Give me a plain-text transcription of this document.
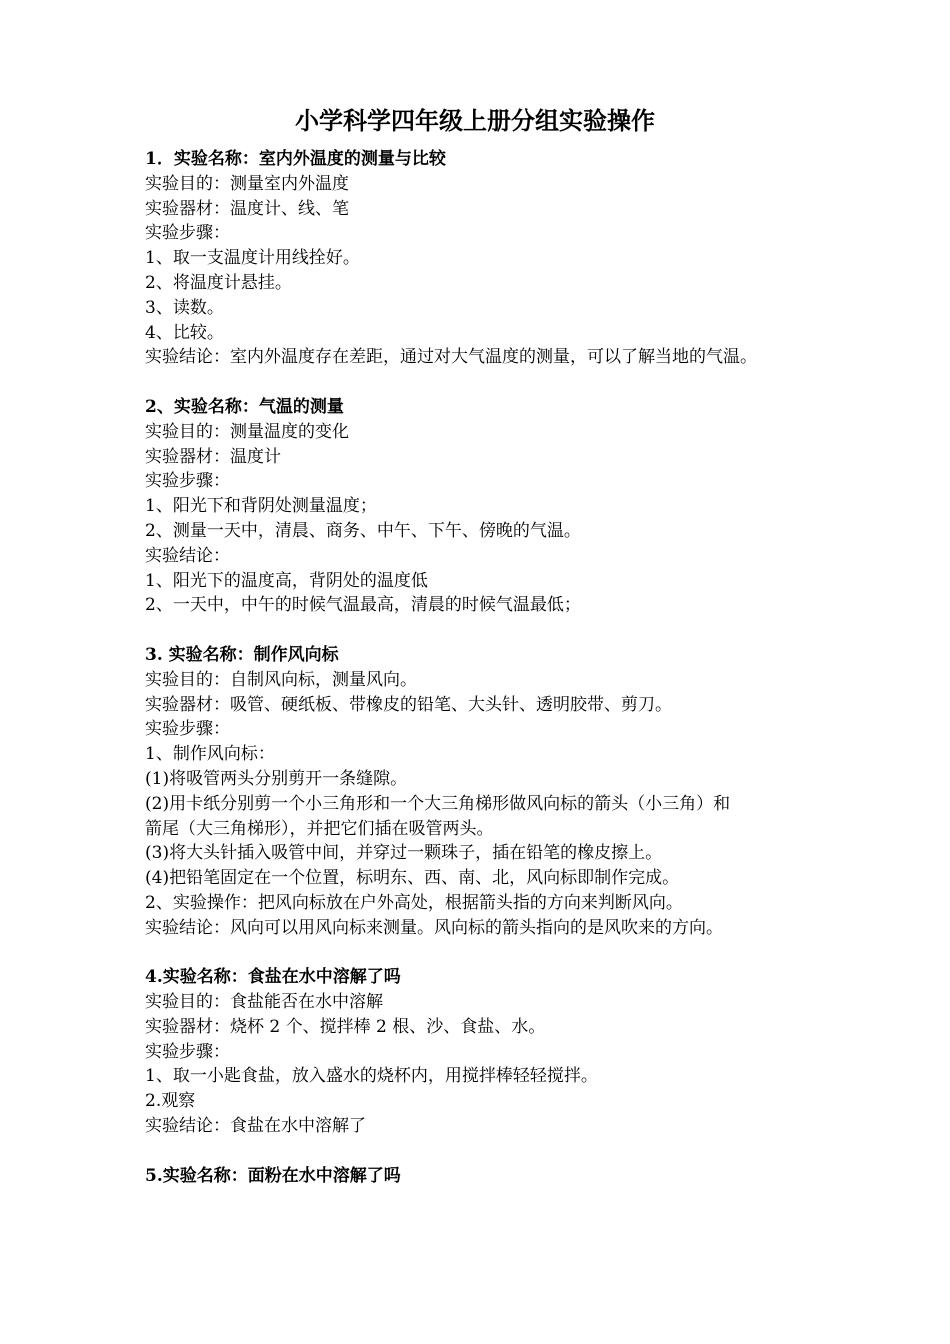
小学科学四年级上册分组实验操作
1．实验名称：室内外温度的测量与比较
实验目的：测量室内外温度
实验器材：温度计、线、笔
实验步骤：
1、取一支温度计用线拴好。
2、将温度计悬挂。
3、读数。
4、比较。
实验结论：室内外温度存在差距，通过对大气温度的测量，可以了解当地的气温。
2、实验名称：气温的测量
实验目的：测量温度的变化
实验器材：温度计
实验步骤：
1、阳光下和背阴处测量温度；
2、测量一天中，清晨、商务、中午、下午、傍晚的气温。
实验结论：
1、阳光下的温度高，背阴处的温度低
2、一天中，中午的时候气温最高，清晨的时候气温最低；
3. 实验名称：制作风向标
实验目的：自制风向标，测量风向。
实验器材：吸管、硬纸板、带橡皮的铅笔、大头针、透明胶带、剪刀。
实验步骤：
1、制作风向标：
(1)将吸管两头分别剪开一条缝隙。
(2)用卡纸分别剪一个小三角形和一个大三角梯形做风向标的箭头（小三角）和
箭尾（大三角梯形），并把它们插在吸管两头。
(3)将大头针插入吸管中间，并穿过一颗珠子，插在铅笔的橡皮擦上。
(4)把铅笔固定在一个位置，标明东、西、南、北，风向标即制作完成。
2、实验操作：把风向标放在户外高处，根据箭头指的方向来判断风向。
实验结论：风向可以用风向标来测量。风向标的箭头指向的是风吹来的方向。
4.实验名称：食盐在水中溶解了吗
实验目的：食盐能否在水中溶解
实验器材：烧杯 2 个、搅拌棒 2 根、沙、食盐、水。
实验步骤：
1、取一小匙食盐，放入盛水的烧杯内，用搅拌棒轻轻搅拌。
2.观察
实验结论：食盐在水中溶解了
5.实验名称：面粉在水中溶解了吗
